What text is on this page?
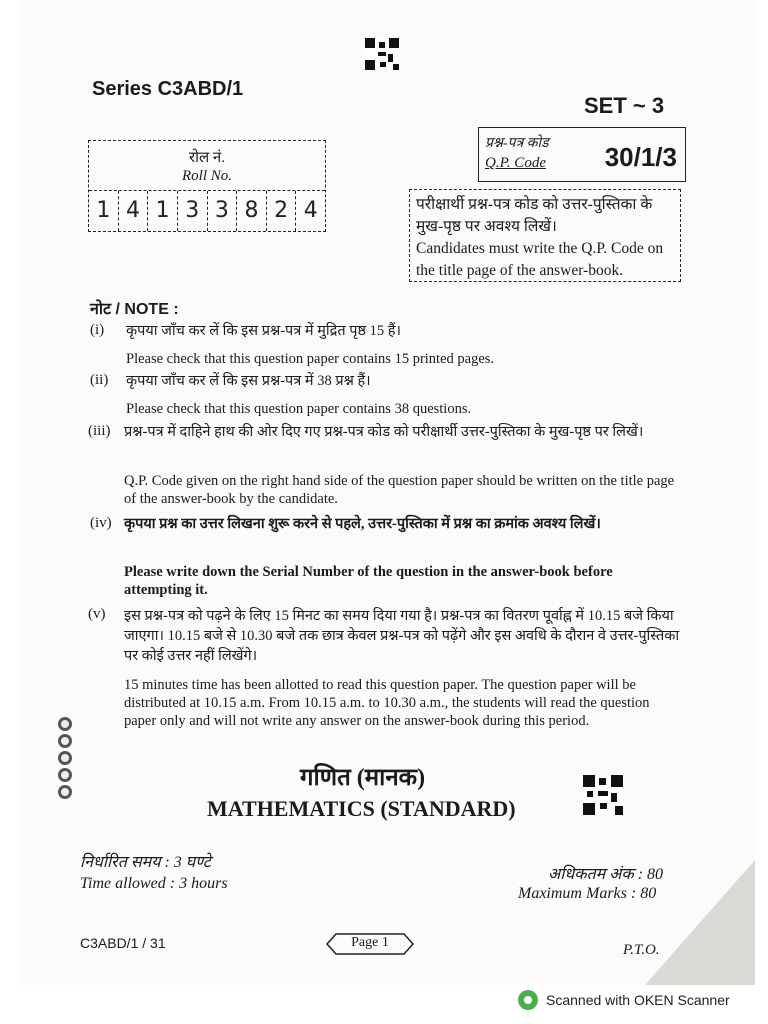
Series C3ABD/1
SET ~ 3
रोल नं.
Roll No.
1 4 1 3 3 8 2 4
प्रश्न-पत्र कोड
Q.P. Code 30/1/3
परीक्षार्थी प्रश्न-पत्र कोड को उत्तर-पुस्तिका के मुख-पृष्ठ पर अवश्य लिखें।
Candidates must write the Q.P. Code on the title page of the answer-book.
नोट / NOTE :
(i) कृपया जाँच कर लें कि इस प्रश्न-पत्र में मुद्रित पृष्ठ 15 हैं।
Please check that this question paper contains 15 printed pages.
(ii) कृपया जाँच कर लें कि इस प्रश्न-पत्र में 38 प्रश्न हैं।
Please check that this question paper contains 38 questions.
(iii) प्रश्न-पत्र में दाहिने हाथ की ओर दिए गए प्रश्न-पत्र कोड को परीक्षार्थी उत्तर-पुस्तिका के मुख-पृष्ठ पर लिखें।
Q.P. Code given on the right hand side of the question paper should be written on the title page of the answer-book by the candidate.
(iv) कृपया प्रश्न का उत्तर लिखना शुरू करने से पहले, उत्तर-पुस्तिका में प्रश्न का क्रमांक अवश्य लिखें।
Please write down the Serial Number of the question in the answer-book before attempting it.
(v) इस प्रश्न-पत्र को पढ़ने के लिए 15 मिनट का समय दिया गया है। प्रश्न-पत्र का वितरण पूर्वाह्न में 10.15 बजे किया जाएगा। 10.15 बजे से 10.30 बजे तक छात्र केवल प्रश्न-पत्र को पढ़ेंगे और इस अवधि के दौरान वे उत्तर-पुस्तिका पर कोई उत्तर नहीं लिखेंगे।
15 minutes time has been allotted to read this question paper. The question paper will be distributed at 10.15 a.m. From 10.15 a.m. to 10.30 a.m., the students will read the question paper only and will not write any answer on the answer-book during this period.
गणित (मानक)
MATHEMATICS (STANDARD)
निर्धारित समय : 3 घण्टे
Time allowed : 3 hours
अधिकतम अंक : 80
Maximum Marks : 80
C3ABD/1 / 31	Page 1	P.T.O.
Scanned with OKEN Scanner
